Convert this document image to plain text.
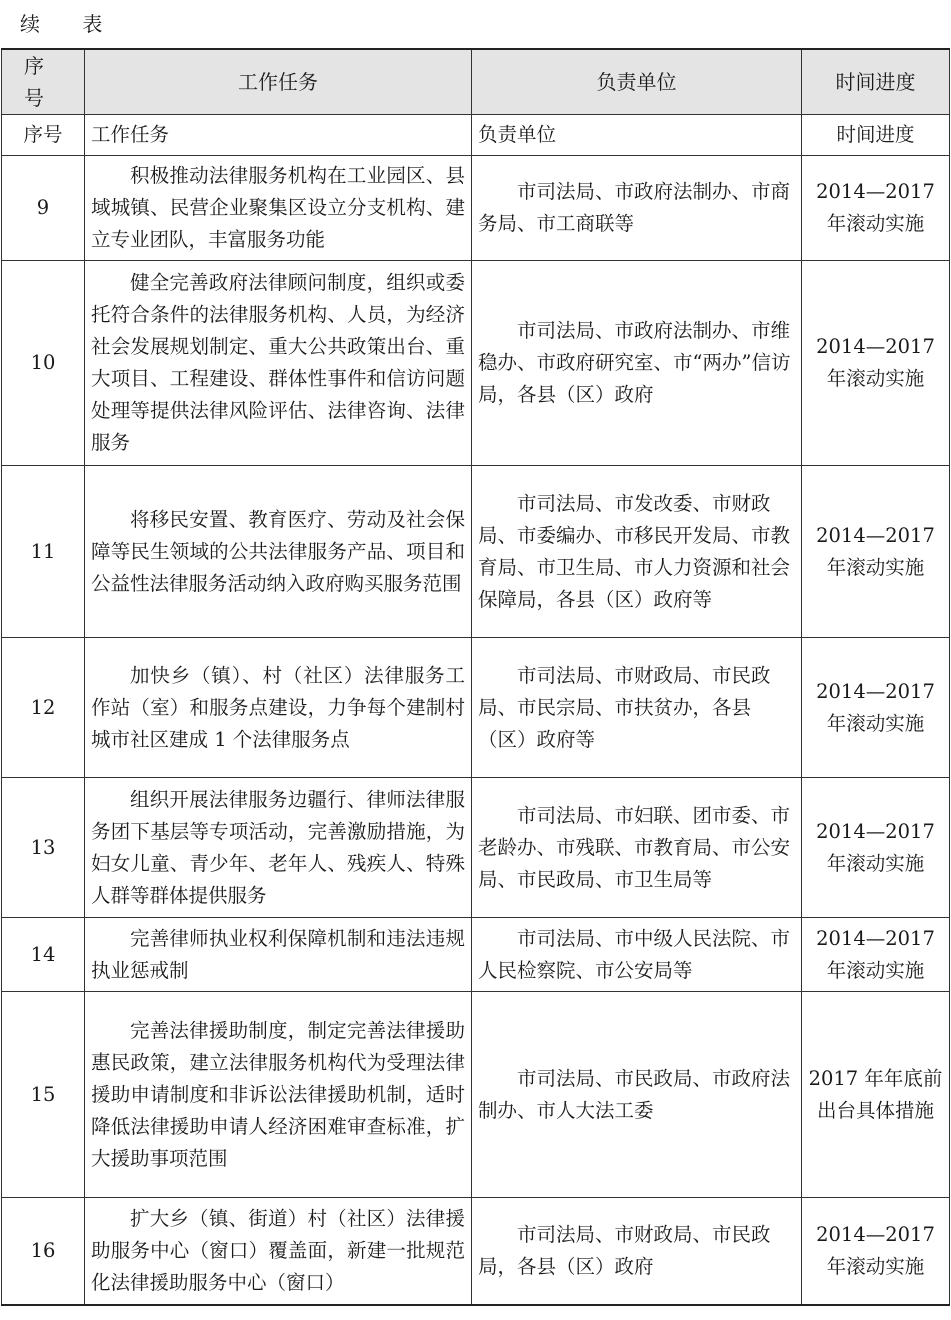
续 表
序 号	工作任务	负责单位	时间进度
序号	工作任务	负责单位	时间进度
9	积极推动法律服务机构在工业园区、县域城镇、民营企业聚集区设立分支机构、建立专业团队，丰富服务功能	市司法局、市政府法制办、市商务局、市工商联等	2014—2017 年滚动实施
10	健全完善政府法律顾问制度，组织或委托符合条件的法律服务机构、人员，为经济社会发展规划制定、重大公共政策出台、重大项目、工程建设、群体性事件和信访问题处理等提供法律风险评估、法律咨询、法律服务	市司法局、市政府法制办、市维稳办、市政府研究室、市“两办”信访局，各县（区）政府	2014—2017 年滚动实施
11	将移民安置、教育医疗、劳动及社会保障等民生领域的公共法律服务产品、项目和公益性法律服务活动纳入政府购买服务范围	市司法局、市发改委、市财政局、市委编办、市移民开发局、市教育局、市卫生局、市人力资源和社会保障局，各县（区）政府等	2014—2017 年滚动实施
12	加快乡（镇）、村（社区）法律服务工作站（室）和服务点建设，力争每个建制村城市社区建成 1 个法律服务点	市司法局、市财政局、市民政局、市民宗局、市扶贫办，各县（区）政府等	2014—2017 年滚动实施
13	组织开展法律服务边疆行、律师法律服务团下基层等专项活动，完善激励措施，为妇女儿童、青少年、老年人、残疾人、特殊人群等群体提供服务	市司法局、市妇联、团市委、市老龄办、市残联、市教育局、市公安局、市民政局、市卫生局等	2014—2017 年滚动实施
14	完善律师执业权利保障机制和违法违规执业惩戒制	市司法局、市中级人民法院、市人民检察院、市公安局等	2014—2017 年滚动实施
15	完善法律援助制度，制定完善法律援助惠民政策，建立法律服务机构代为受理法律援助申请制度和非诉讼法律援助机制，适时降低法律援助申请人经济困难审查标准，扩大援助事项范围	市司法局、市民政局、市政府法制办、市人大法工委	2017 年年底前出台具体措施
16	扩大乡（镇、街道）村（社区）法律援助服务中心（窗口）覆盖面，新建一批规范化法律援助服务中心（窗口）	市司法局、市财政局、市民政局，各县（区）政府	2014—2017 年滚动实施
